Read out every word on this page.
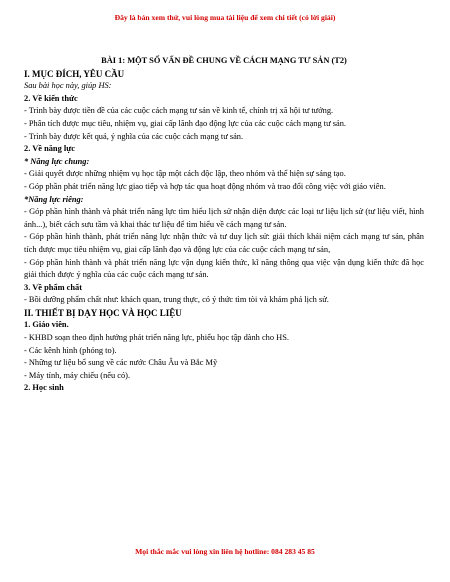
Đây là bản xem thử, vui lòng mua tài liệu để xem chi tiết (có lời giải)

BÀI 1: MỘT SỐ VẤN ĐỀ CHUNG VỀ CÁCH MẠNG TƯ SẢN (T2)

I. MỤC ĐÍCH, YÊU CẦU

Sau bài học này, giúp HS:

2. Về kiến thức

- Trình bày được tiền đề của các cuộc cách mạng tư sản về kinh tế, chính trị xã hội tư tưởng.

- Phân tích được mục tiêu, nhiệm vụ, giai cấp lãnh đạo động lực của các cuộc cách mạng tư sản.

- Trình bày được kết quả, ý nghĩa của các cuộc cách mạng tư sản.

2. Về năng lực

* Năng lực chung:

- Giải quyết được những nhiệm vụ học tập một cách độc lập, theo nhóm và thể hiện sự sáng tạo.

- Góp phần phát triển năng lực giao tiếp và hợp tác qua hoạt động nhóm và trao đổi công việc với giáo viên.

*Năng lực riêng:

- Góp phần hình thành và phát triển năng lực tìm hiểu lịch sử nhận diện được các loại tư liệu lịch sử (tư liệu viết, hình ảnh...), biết cách sưu tầm và khai thác tư liệu để tìm hiểu về cách mạng tư sản.

- Góp phần hình thành, phát triển năng lực nhận thức và tư duy lịch sử: giải thích khái niệm cách mạng tư sản, phân tích được mục tiêu nhiệm vụ, giai cấp lãnh đạo và động lực của các cuộc cách mạng tư sản,

- Góp phần hình thành và phát triển năng lực vận dụng kiến thức, kĩ năng thông qua việc vận dụng kiến thức đã học giải thích được ý nghĩa của các cuộc cách mạng tư sản.

3. Về phẩm chất

- Bồi dưỡng phẩm chất như: khách quan, trung thực, có ý thức tìm tòi và khám phá lịch sử.

II. THIẾT BỊ DẠY HỌC VÀ HỌC LIỆU

1. Giáo viên.

- KHBD soạn theo định hướng phát triển năng lực, phiếu học tập dành cho HS.

- Các kênh hình (phóng to).

- Những tư liệu bổ sung về các nước Châu Âu và Bắc Mỹ

- Máy tính, máy chiếu (nếu có).

2. Học sinh

Mọi thắc mắc vui lòng xin liên hệ hotline: 084 283 45 85
